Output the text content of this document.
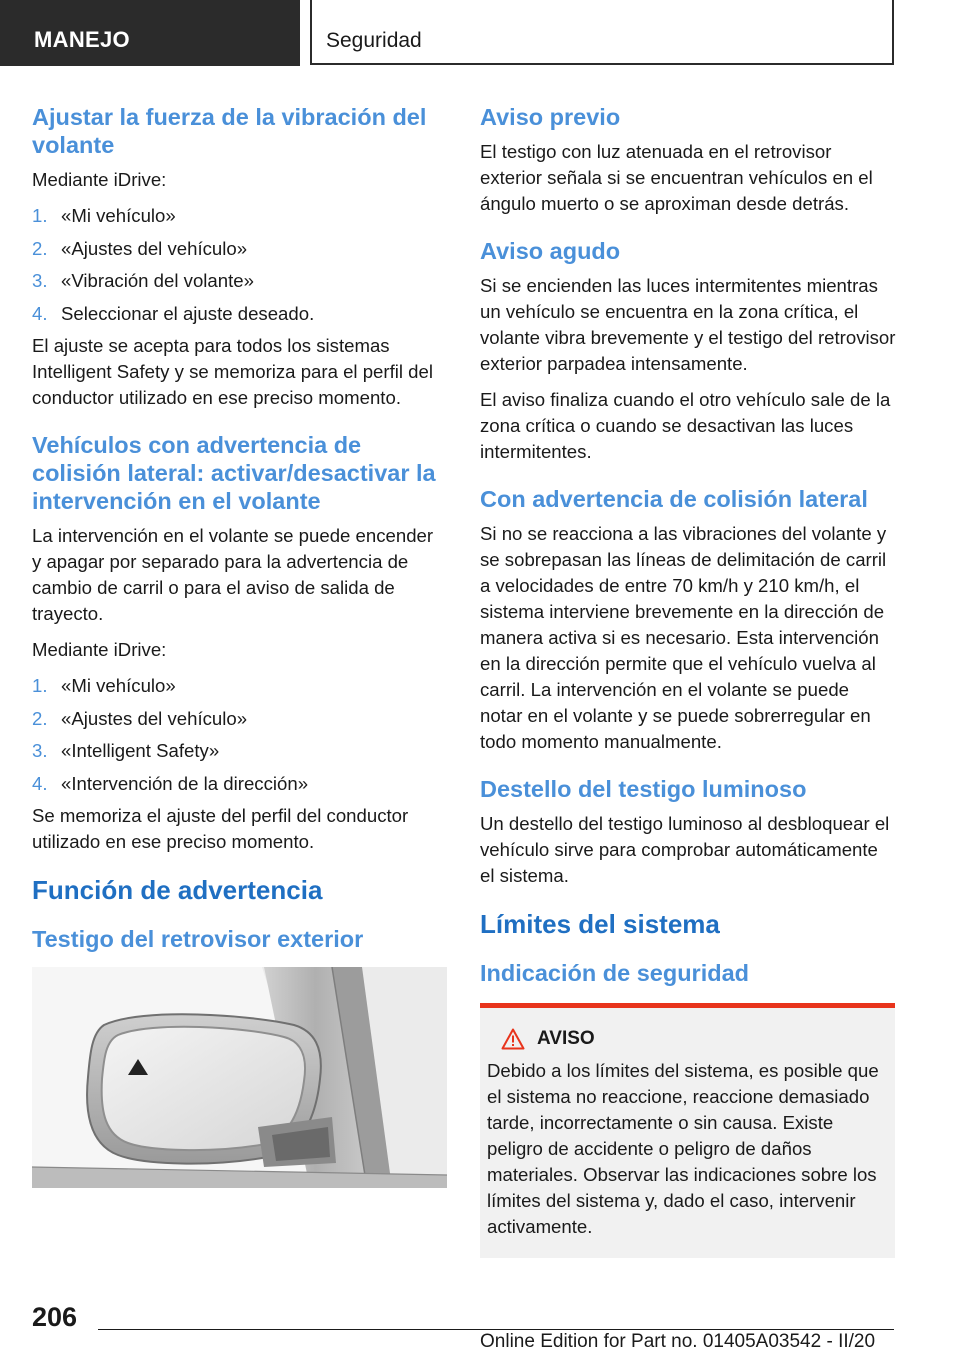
MANEJO	Seguridad
Ajustar la fuerza de la vibración del volante
Mediante iDrive:
1. «Mi vehículo»
2. «Ajustes del vehículo»
3. «Vibración del volante»
4. Seleccionar el ajuste deseado.
El ajuste se acepta para todos los sistemas Intelligent Safety y se memoriza para el perfil del conductor utilizado en ese preciso momento.
Vehículos con advertencia de colisión lateral: activar/desactivar la intervención en el volante
La intervención en el volante se puede encender y apagar por separado para la advertencia de cambio de carril o para el aviso de salida de trayecto.
Mediante iDrive:
1. «Mi vehículo»
2. «Ajustes del vehículo»
3. «Intelligent Safety»
4. «Intervención de la dirección»
Se memoriza el ajuste del perfil del conductor utilizado en ese preciso momento.
Función de advertencia
Testigo del retrovisor exterior
Aviso previo
El testigo con luz atenuada en el retrovisor exterior señala si se encuentran vehículos en el ángulo muerto o se aproximan desde detrás.
Aviso agudo
Si se encienden las luces intermitentes mientras un vehículo se encuentra en la zona crítica, el volante vibra brevemente y el testigo del retrovisor exterior parpadea intensamente.
El aviso finaliza cuando el otro vehículo sale de la zona crítica o cuando se desactivan las luces intermitentes.
Con advertencia de colisión lateral
Si no se reacciona a las vibraciones del volante y se sobrepasan las líneas de delimitación de carril a velocidades de entre 70 km/h y 210 km/h, el sistema interviene brevemente en la dirección de manera activa si es necesario. Esta intervención en la dirección permite que el vehículo vuelva al carril. La intervención en el volante se puede notar en el volante y se puede sobrerregular en todo momento manualmente.
Destello del testigo luminoso
Un destello del testigo luminoso al desbloquear el vehículo sirve para comprobar automáticamente el sistema.
Límites del sistema
Indicación de seguridad
AVISO
Debido a los límites del sistema, es posible que el sistema no reaccione, reaccione demasiado tarde, incorrectamente o sin causa. Existe peligro de accidente o peligro de daños materiales. Observar las indicaciones sobre los límites del sistema y, dado el caso, intervenir activamente.
206
Online Edition for Part no. 01405A03542 - II/20
